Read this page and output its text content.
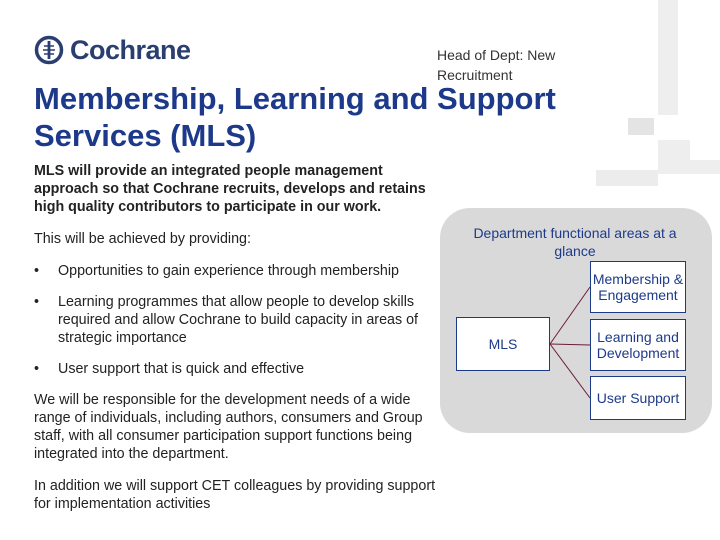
Cochrane	Head of Dept: New Recruitment
Membership, Learning and Support Services (MLS)

MLS will provide an integrated people management approach so that Cochrane recruits, develops and retains high quality contributors to participate in our work.

This will be achieved by providing:

• Opportunities to gain experience through membership
• Learning programmes that allow people to develop skills required and allow Cochrane to build capacity in areas of strategic importance
• User support that is quick and effective

We will be responsible for the development needs of a wide range of individuals, including authors, consumers and Group staff, with all consumer participation support functions being integrated into the department.

In addition we will support CET colleagues by providing support for implementation activities

Department functional areas at a glance
MLS
Membership & Engagement
Learning and Development
User Support
